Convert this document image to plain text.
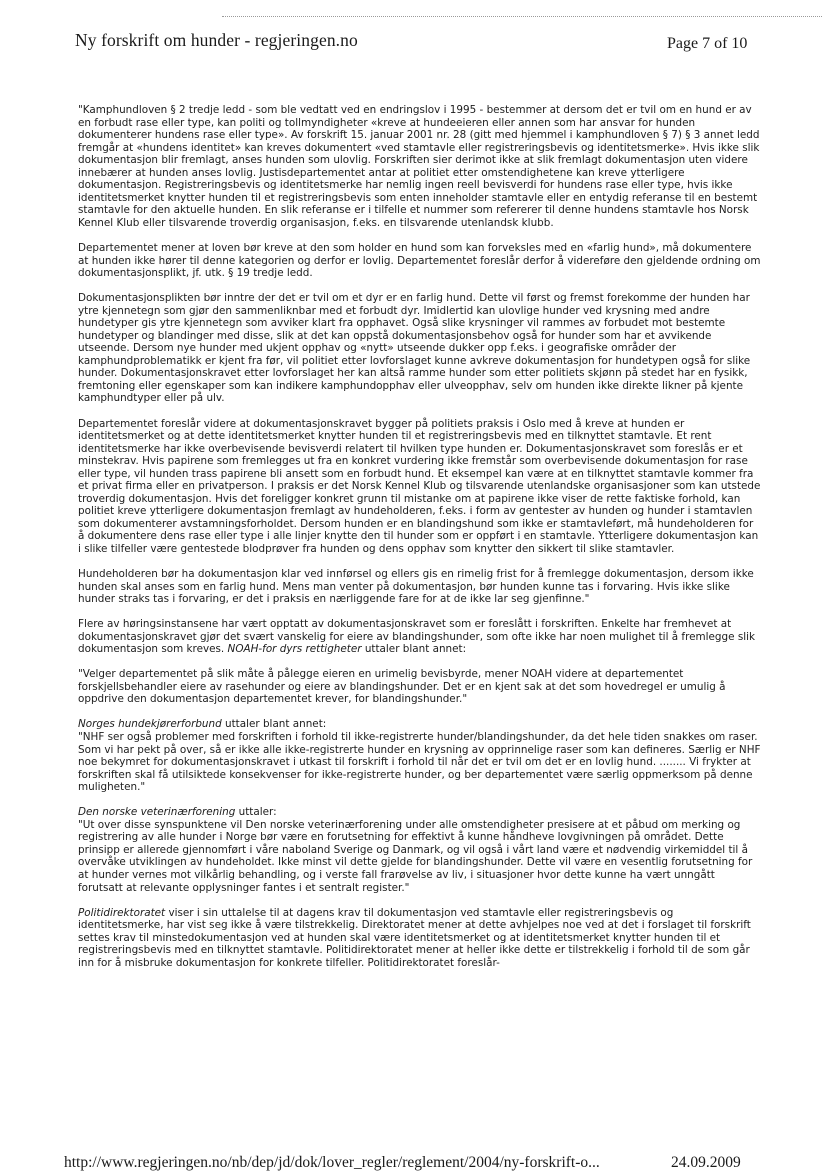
Ny forskrift om hunder - regjeringen.no	Page 7 of 10

"Kamphundloven § 2 tredje ledd - som ble vedtatt ved en endringslov i 1995 - bestemmer at dersom det er tvil om en hund er av en forbudt rase eller type, kan politi og tollmyndigheter «kreve at hundeeieren eller annen som har ansvar for hunden dokumenterer hundens rase eller type». Av forskrift 15. januar 2001 nr. 28 (gitt med hjemmel i kamphundloven § 7) § 3 annet ledd fremgår at «hundens identitet» kan kreves dokumentert «ved stamtavle eller registreringsbevis og identitetsmerke». Hvis ikke slik dokumentasjon blir fremlagt, anses hunden som ulovlig. Forskriften sier derimot ikke at slik fremlagt dokumentasjon uten videre innebærer at hunden anses lovlig. Justisdepartementet antar at politiet etter omstendighetene kan kreve ytterligere dokumentasjon. Registreringsbevis og identitetsmerke har nemlig ingen reell bevisverdi for hundens rase eller type, hvis ikke identitetsmerket knytter hunden til et registreringsbevis som enten inneholder stamtavle eller en entydig referanse til en bestemt stamtavle for den aktuelle hunden. En slik referanse er i tilfelle et nummer som refererer til denne hundens stamtavle hos Norsk Kennel Klub eller tilsvarende troverdig organisasjon, f.eks. en tilsvarende utenlandsk klubb.

Departementet mener at loven bør kreve at den som holder en hund som kan forveksles med en «farlig hund», må dokumentere at hunden ikke hører til denne kategorien og derfor er lovlig. Departementet foreslår derfor å videreføre den gjeldende ordning om dokumentasjonsplikt, jf. utk. § 19 tredje ledd.

Dokumentasjonsplikten bør inntre der det er tvil om et dyr er en farlig hund. Dette vil først og fremst forekomme der hunden har ytre kjennetegn som gjør den sammenliknbar med et forbudt dyr. Imidlertid kan ulovlige hunder ved krysning med andre hundetyper gis ytre kjennetegn som avviker klart fra opphavet. Også slike krysninger vil rammes av forbudet mot bestemte hundetyper og blandinger med disse, slik at det kan oppstå dokumentasjonsbehov også for hunder som har et avvikende utseende. Dersom nye hunder med ukjent opphav og «nytt» utseende dukker opp f.eks. i geografiske områder der kamphundproblematikk er kjent fra før, vil politiet etter lovforslaget kunne avkreve dokumentasjon for hundetypen også for slike hunder. Dokumentasjonskravet etter lovforslaget her kan altså ramme hunder som etter politiets skjønn på stedet har en fysikk, fremtoning eller egenskaper som kan indikere kamphundopphav eller ulveopphav, selv om hunden ikke direkte likner på kjente kamphundtyper eller på ulv.

Departementet foreslår videre at dokumentasjonskravet bygger på politiets praksis i Oslo med å kreve at hunden er identitetsmerket og at dette identitetsmerket knytter hunden til et registreringsbevis med en tilknyttet stamtavle. Et rent identitetsmerke har ikke overbevisende bevisverdi relatert til hvilken type hunden er. Dokumentasjonskravet som foreslås er et minstekrav. Hvis papirene som fremlegges ut fra en konkret vurdering ikke fremstår som overbevisende dokumentasjon for rase eller type, vil hunden trass papirene bli ansett som en forbudt hund. Et eksempel kan være at en tilknyttet stamtavle kommer fra et privat firma eller en privatperson. I praksis er det Norsk Kennel Klub og tilsvarende utenlandske organisasjoner som kan utstede troverdig dokumentasjon. Hvis det foreligger konkret grunn til mistanke om at papirene ikke viser de rette faktiske forhold, kan politiet kreve ytterligere dokumentasjon fremlagt av hundeholderen, f.eks. i form av gentester av hunden og hunder i stamtavlen som dokumenterer avstamningsforholdet. Dersom hunden er en blandingshund som ikke er stamtavleført, må hundeholderen for å dokumentere dens rase eller type i alle linjer knytte den til hunder som er oppført i en stamtavle. Ytterligere dokumentasjon kan i slike tilfeller være gentestede blodprøver fra hunden og dens opphav som knytter den sikkert til slike stamtavler.

Hundeholderen bør ha dokumentasjon klar ved innførsel og ellers gis en rimelig frist for å fremlegge dokumentasjon, dersom ikke hunden skal anses som en farlig hund. Mens man venter på dokumentasjon, bør hunden kunne tas i forvaring. Hvis ikke slike hunder straks tas i forvaring, er det i praksis en nærliggende fare for at de ikke lar seg gjenfinne."

Flere av høringsinstansene har vært opptatt av dokumentasjonskravet som er foreslått i forskriften. Enkelte har fremhevet at dokumentasjonskravet gjør det svært vanskelig for eiere av blandingshunder, som ofte ikke har noen mulighet til å fremlegge slik dokumentasjon som kreves. NOAH-for dyrs rettigheter uttaler blant annet:

"Velger departementet på slik måte å pålegge eieren en urimelig bevisbyrde, mener NOAH videre at departementet forskjellsbehandler eiere av rasehunder og eiere av blandingshunder. Det er en kjent sak at det som hovedregel er umulig å oppdrive den dokumentasjon departementet krever, for blandingshunder."

Norges hundekjørerforbund uttaler blant annet:

"NHF ser også problemer med forskriften i forhold til ikke-registrerte hunder/blandingshunder, da det hele tiden snakkes om raser. Som vi har pekt på over, så er ikke alle ikke-registrerte hunder en krysning av opprinnelige raser som kan defineres. Særlig er NHF noe bekymret for dokumentasjonskravet i utkast til forskrift i forhold til når det er tvil om det er en lovlig hund. ........ Vi frykter at forskriften skal få utilsiktede konsekvenser for ikke-registrerte hunder, og ber departementet være særlig oppmerksom på denne muligheten."

Den norske veterinærforening uttaler:

"Ut over disse synspunktene vil Den norske veterinærforening under alle omstendigheter presisere at et påbud om merking og registrering av alle hunder i Norge bør være en forutsetning for effektivt å kunne håndheve lovgivningen på området. Dette prinsipp er allerede gjennomført i våre naboland Sverige og Danmark, og vil også i vårt land være et nødvendig virkemiddel til å overvåke utviklingen av hundeholdet. Ikke minst vil dette gjelde for blandingshunder. Dette vil være en vesentlig forutsetning for at hunder vernes mot vilkårlig behandling, og i verste fall frarøvelse av liv, i situasjoner hvor dette kunne ha vært unngått forutsatt at relevante opplysninger fantes i et sentralt register."

Politidirektoratet viser i sin uttalelse til at dagens krav til dokumentasjon ved stamtavle eller registreringsbevis og identitetsmerke, har vist seg ikke å være tilstrekkelig. Direktoratet mener at dette avhjelpes noe ved at det i forslaget til forskrift settes krav til minstedokumentasjon ved at hunden skal være identitetsmerket og at identitetsmerket knytter hunden til et registreringsbevis med en tilknyttet stamtavle. Politidirektoratet mener at heller ikke dette er tilstrekkelig i forhold til de som går inn for å misbruke dokumentasjon for konkrete tilfeller. Politidirektoratet foreslår-

http://www.regjeringen.no/nb/dep/jd/dok/lover_regler/reglement/2004/ny-forskrift-o...	24.09.2009
